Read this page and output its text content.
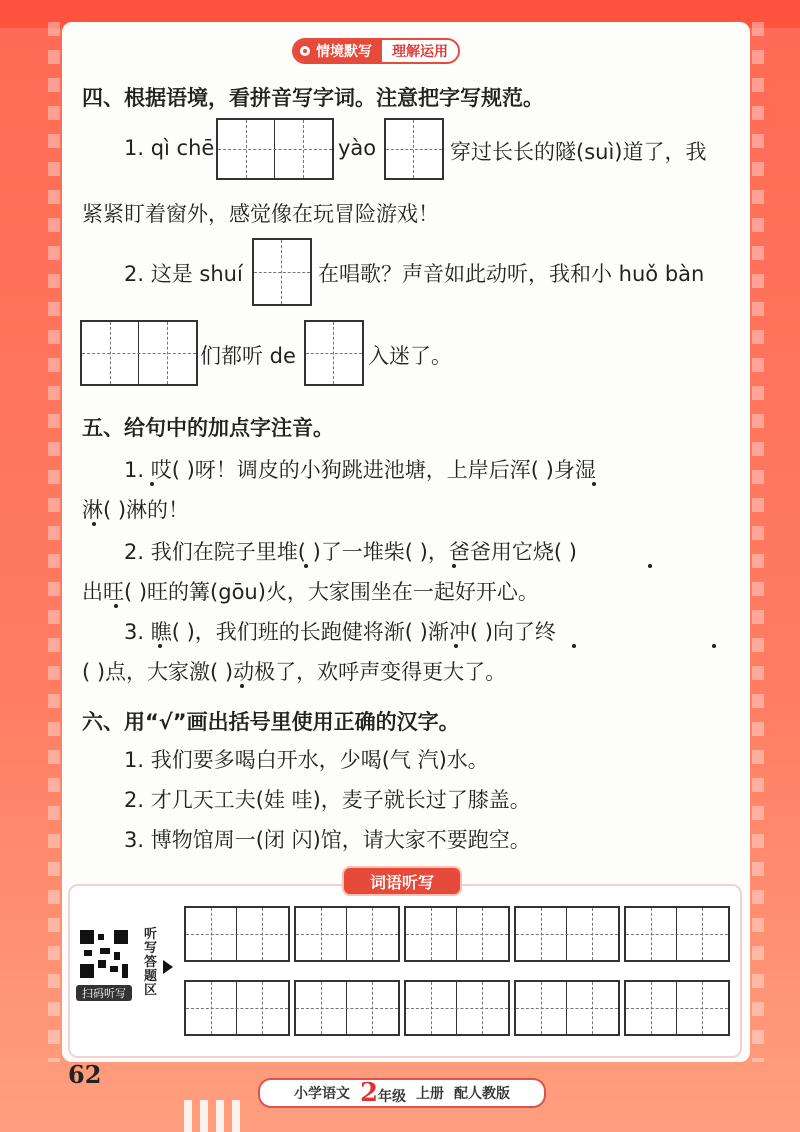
情境默写 理解运用
四、根据语境，看拼音写字词。注意把字写规范。
1. qì chē	yào	穿过长长的隧(suì)道了，我
紧紧盯着窗外，感觉像在玩冒险游戏！
2. 这是 shuí	在唱歌？声音如此动听，我和小 huǒ bàn
们都听 de	入迷了。
五、给句中的加点字注音。
1. 哎( )呀！调皮的小狗跳进池塘，上岸后浑( )身湿
淋( )淋的！
2. 我们在院子里堆( )了一堆柴( )，爸爸用它烧( )
出旺( )旺的篝(gōu)火，大家围坐在一起好开心。
3. 瞧( )，我们班的长跑健将渐( )渐冲( )向了终
( )点，大家激( )动极了，欢呼声变得更大了。
六、用“√”画出括号里使用正确的汉字。
1. 我们要多喝白开水，少喝(气 汽)水。
2. 才几天工夫(娃 哇)，麦子就长过了膝盖。
3. 博物馆周一(闭 闪)馆，请大家不要跑空。
词语听写
扫码听写
听写答题区
62
小学语文 2年级 上册 配人教版
